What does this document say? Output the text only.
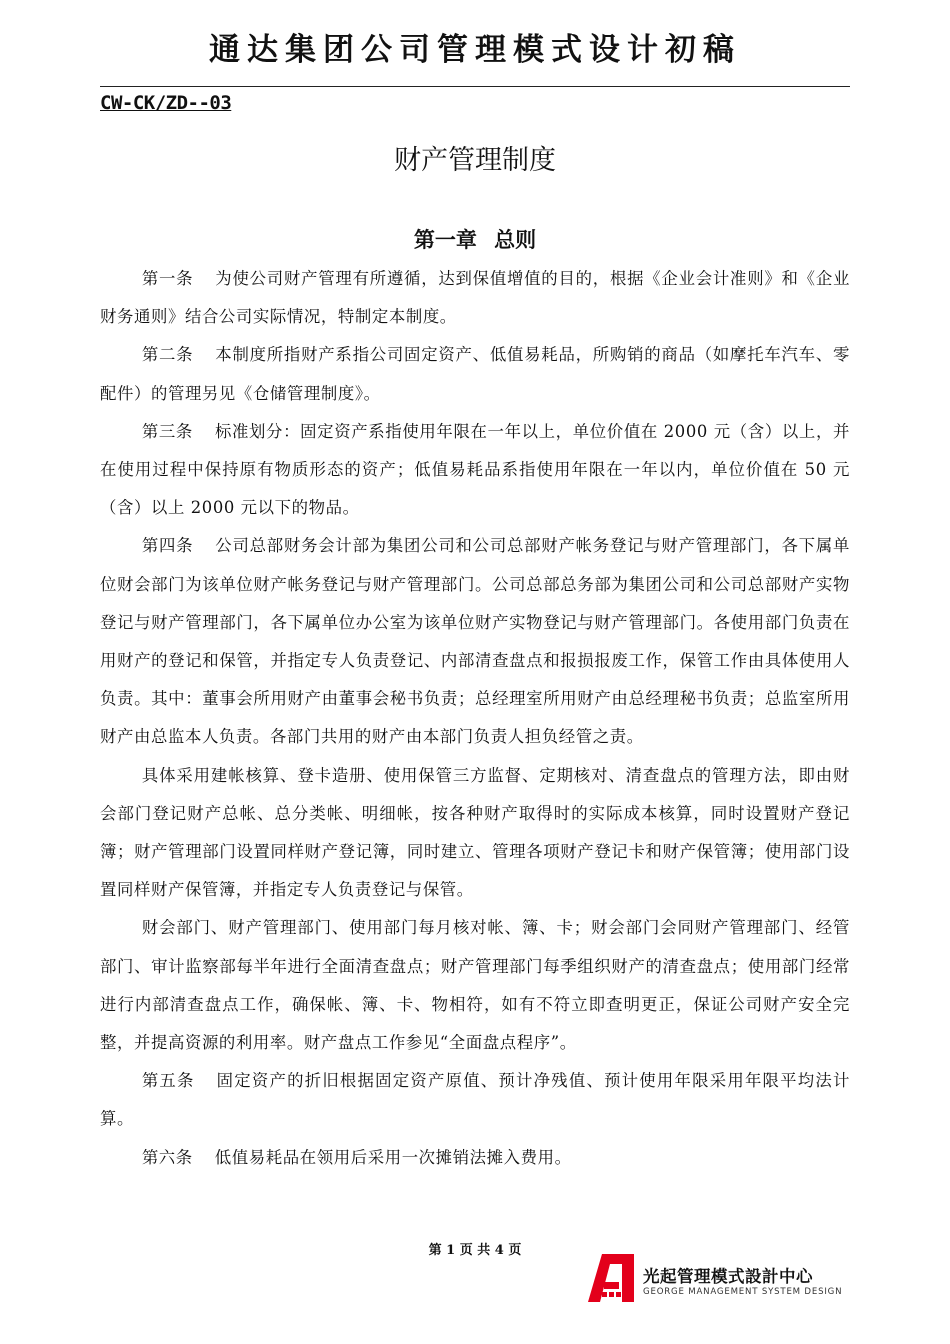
通达集团公司管理模式设计初稿
CW-CK/ZD--03
财产管理制度
第一章 总则

第一条 为使公司财产管理有所遵循，达到保值增值的目的，根据《企业会计准则》和《企业财务通则》结合公司实际情况，特制定本制度。

第二条 本制度所指财产系指公司固定资产、低值易耗品，所购销的商品（如摩托车汽车、零配件）的管理另见《仓储管理制度》。

第三条 标准划分：固定资产系指使用年限在一年以上，单位价值在 2000 元（含）以上，并在使用过程中保持原有物质形态的资产；低值易耗品系指使用年限在一年以内，单位价值在 50 元（含）以上 2000 元以下的物品。

第四条 公司总部财务会计部为集团公司和公司总部财产帐务登记与财产管理部门，各下属单位财会部门为该单位财产帐务登记与财产管理部门。公司总部总务部为集团公司和公司总部财产实物登记与财产管理部门，各下属单位办公室为该单位财产实物登记与财产管理部门。各使用部门负责在用财产的登记和保管，并指定专人负责登记、内部清查盘点和报损报废工作，保管工作由具体使用人负责。其中：董事会所用财产由董事会秘书负责；总经理室所用财产由总经理秘书负责；总监室所用财产由总监本人负责。各部门共用的财产由本部门负责人担负经管之责。

具体采用建帐核算、登卡造册、使用保管三方监督、定期核对、清查盘点的管理方法，即由财会部门登记财产总帐、总分类帐、明细帐，按各种财产取得时的实际成本核算，同时设置财产登记簿；财产管理部门设置同样财产登记簿，同时建立、管理各项财产登记卡和财产保管簿；使用部门设置同样财产保管簿，并指定专人负责登记与保管。

财会部门、财产管理部门、使用部门每月核对帐、簿、卡；财会部门会同财产管理部门、经管部门、审计监察部每半年进行全面清查盘点；财产管理部门每季组织财产的清查盘点；使用部门经常进行内部清查盘点工作，确保帐、簿、卡、物相符，如有不符立即查明更正，保证公司财产安全完整，并提高资源的利用率。财产盘点工作参见“全面盘点程序”。

第五条 固定资产的折旧根据固定资产原值、预计净残值、预计使用年限采用年限平均法计算。

第六条 低值易耗品在领用后采用一次摊销法摊入费用。

第 1 页 共 4 页
光起管理模式設計中心
GEORGE MANAGEMENT SYSTEM DESIGN
